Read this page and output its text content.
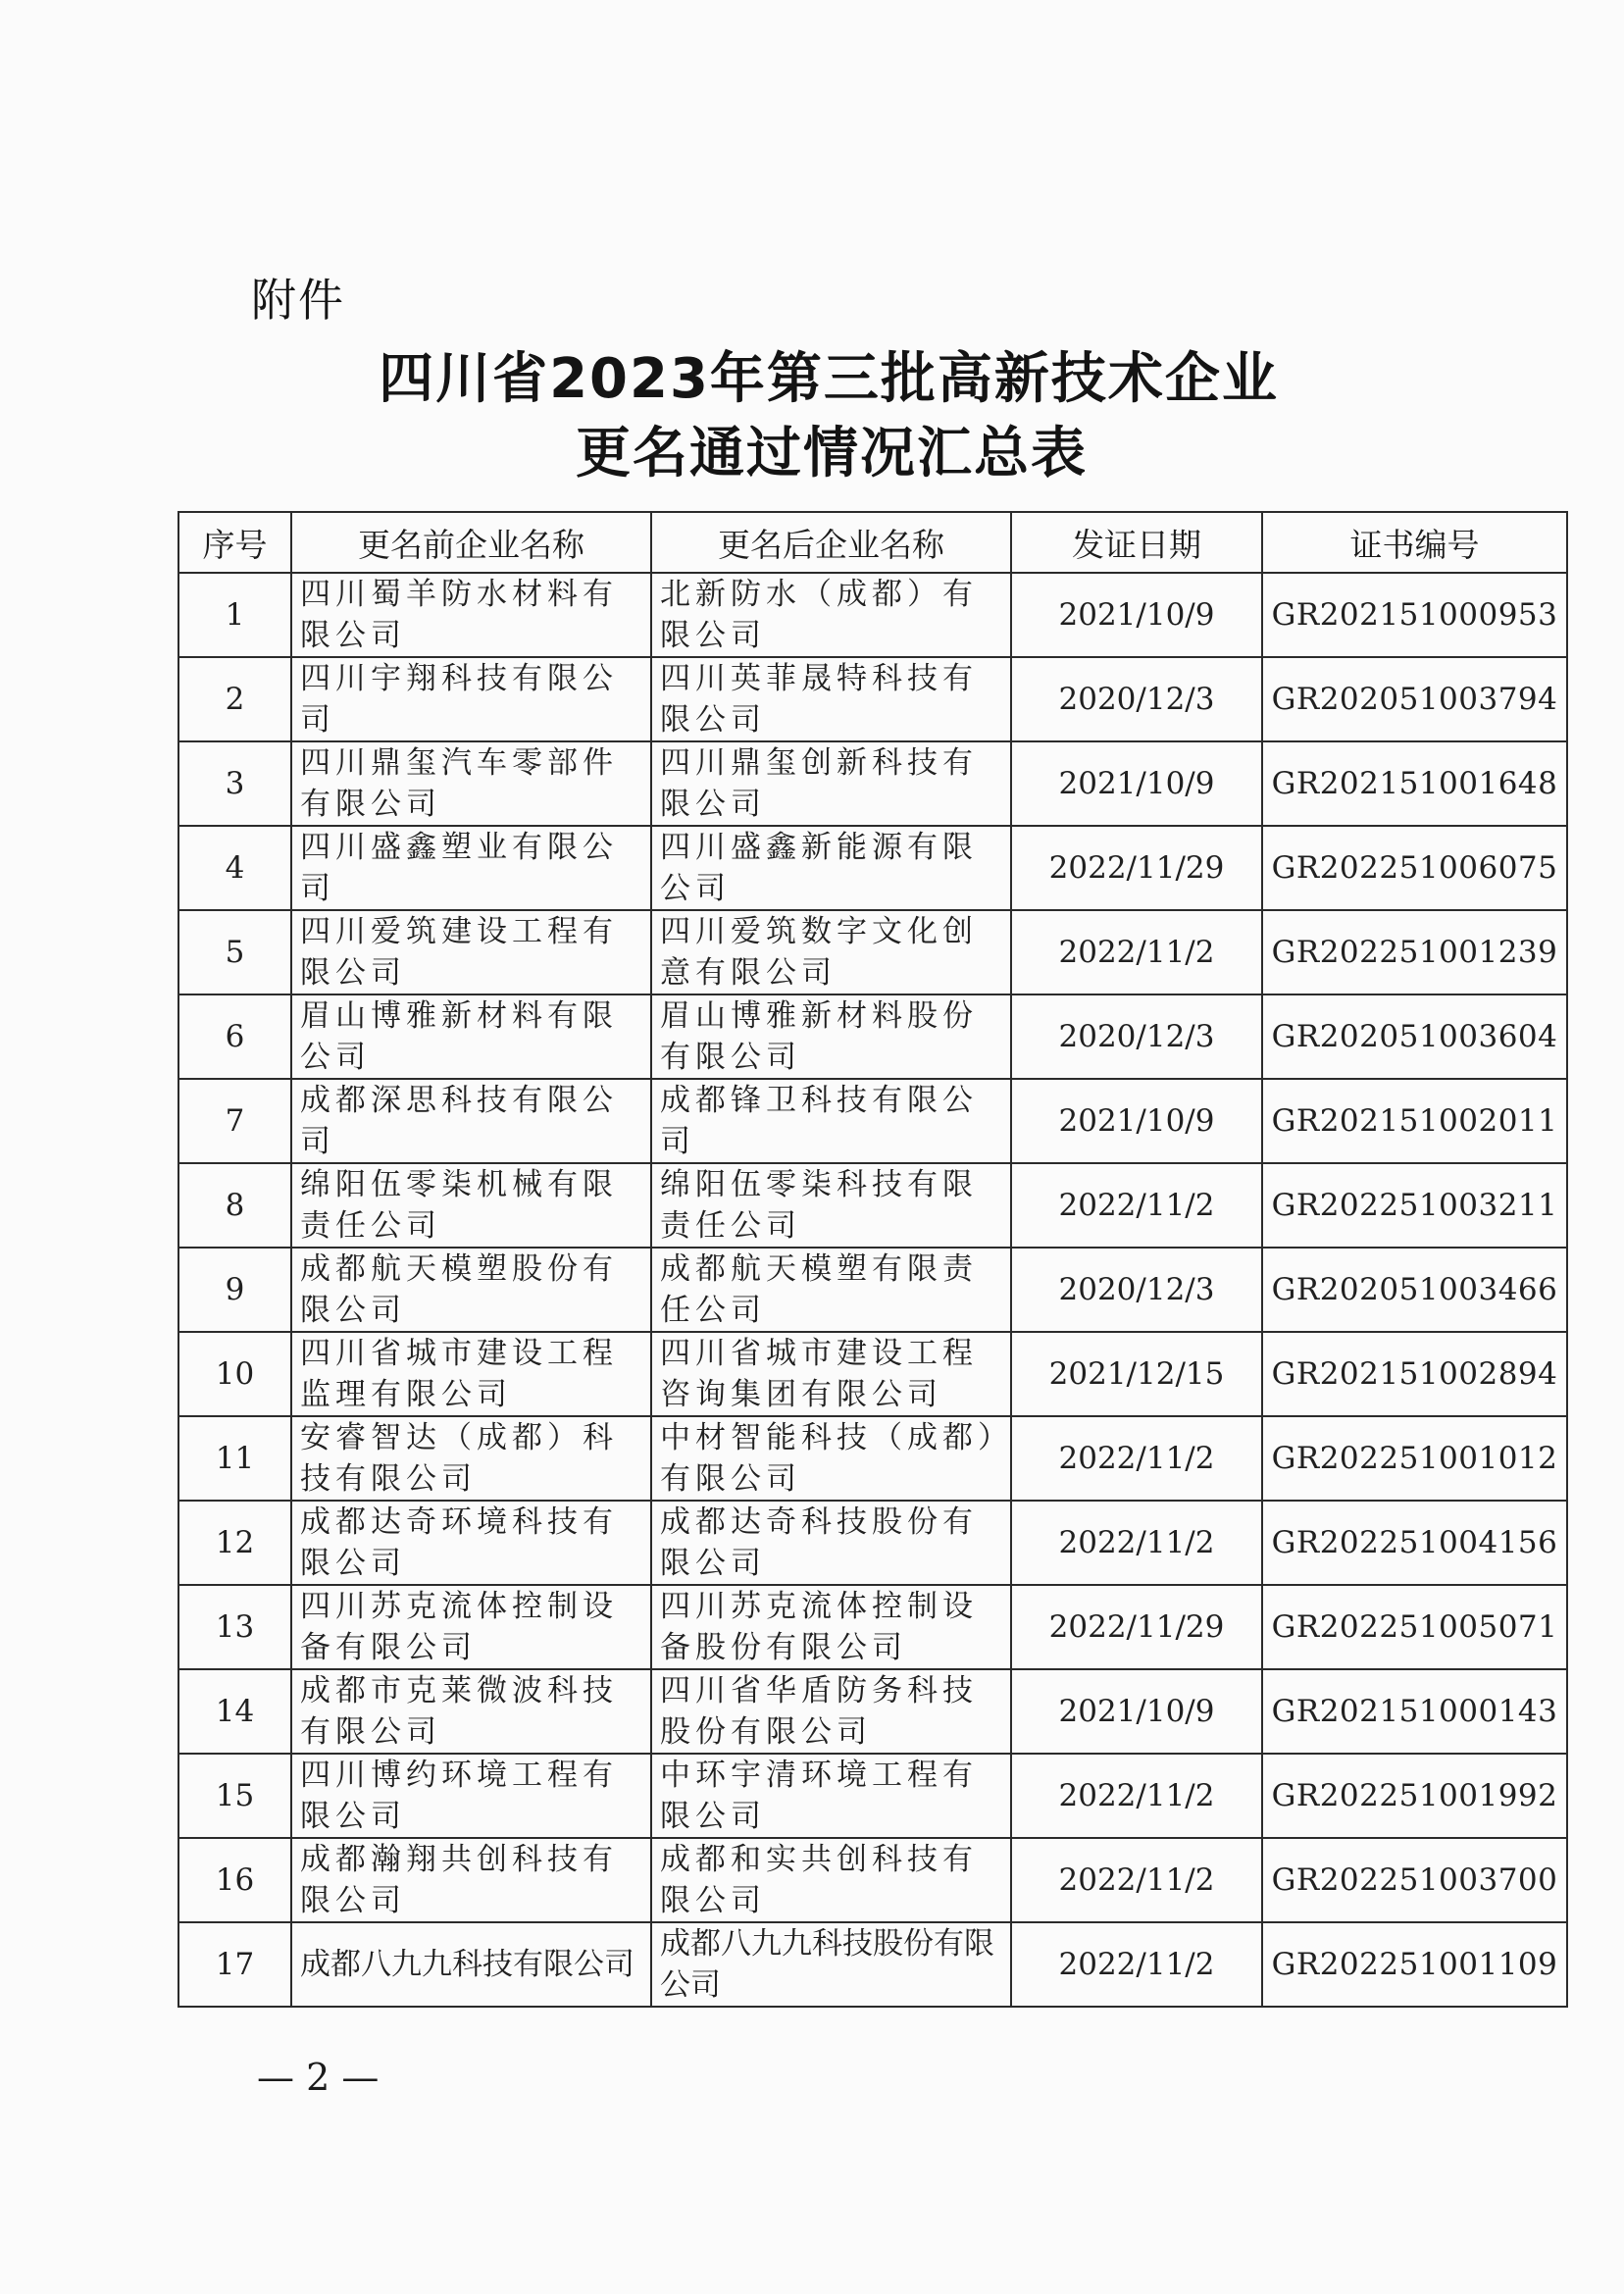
附件
四川省2023年第三批高新技术企业
更名通过情况汇总表
序号	更名前企业名称	更名后企业名称	发证日期	证书编号
1	四川蜀羊防水材料有限公司	北新防水（成都）有限公司	2021/10/9	GR202151000953
2	四川宇翔科技有限公司	四川英菲晟特科技有限公司	2020/12/3	GR202051003794
3	四川鼎玺汽车零部件有限公司	四川鼎玺创新科技有限公司	2021/10/9	GR202151001648
4	四川盛鑫塑业有限公司	四川盛鑫新能源有限公司	2022/11/29	GR202251006075
5	四川爱筑建设工程有限公司	四川爱筑数字文化创意有限公司	2022/11/2	GR202251001239
6	眉山博雅新材料有限公司	眉山博雅新材料股份有限公司	2020/12/3	GR202051003604
7	成都深思科技有限公司	成都锋卫科技有限公司	2021/10/9	GR202151002011
8	绵阳伍零柒机械有限责任公司	绵阳伍零柒科技有限责任公司	2022/11/2	GR202251003211
9	成都航天模塑股份有限公司	成都航天模塑有限责任公司	2020/12/3	GR202051003466
10	四川省城市建设工程监理有限公司	四川省城市建设工程咨询集团有限公司	2021/12/15	GR202151002894
11	安睿智达（成都）科技有限公司	中材智能科技（成都）有限公司	2022/11/2	GR202251001012
12	成都达奇环境科技有限公司	成都达奇科技股份有限公司	2022/11/2	GR202251004156
13	四川苏克流体控制设备有限公司	四川苏克流体控制设备股份有限公司	2022/11/29	GR202251005071
14	成都市克莱微波科技有限公司	四川省华盾防务科技股份有限公司	2021/10/9	GR202151000143
15	四川博约环境工程有限公司	中环宇清环境工程有限公司	2022/11/2	GR202251001992
16	成都瀚翔共创科技有限公司	成都和实共创科技有限公司	2022/11/2	GR202251003700
17	成都八九九科技有限公司	成都八九九科技股份有限公司	2022/11/2	GR202251001109
— 2 —
